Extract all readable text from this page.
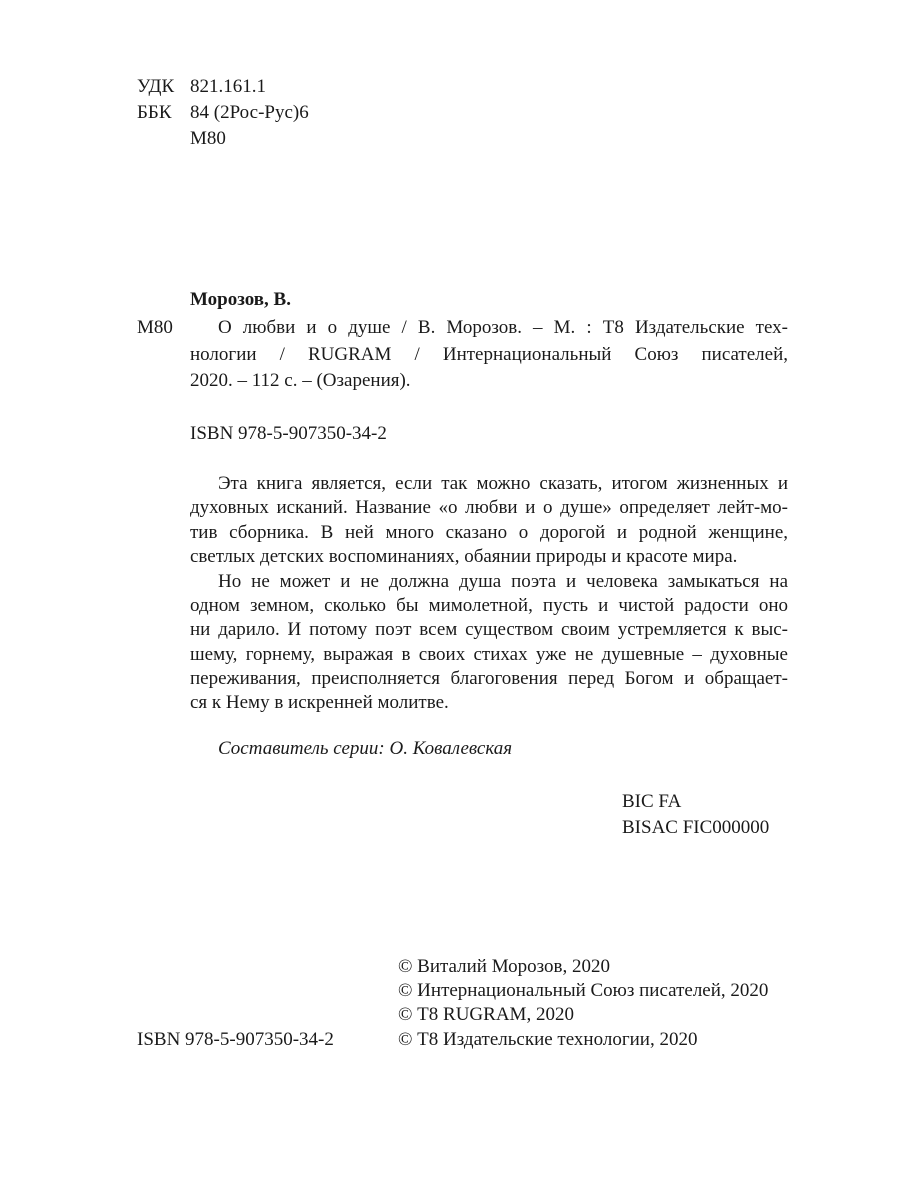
УДК 821.161.1
ББК 84 (2Рос-Рус)6
М80
Морозов, В.
М80 О любви и о душе / В. Морозов. – М. : Т8 Издательские тех-
нологии / RUGRAM / Интернациональный Союз писателей,
2020. – 112 с. – (Озарения).
ISBN 978-5-907350-34-2
Эта книга является, если так можно сказать, итогом жизненных и
духовных исканий. Название «о любви и о душе» определяет лейт-мо-
тив сборника. В ней много сказано о дорогой и родной женщине,
светлых детских воспоминаниях, обаянии природы и красоте мира.
Но не может и не должна душа поэта и человека замыкаться на
одном земном, сколько бы мимолетной, пусть и чистой радости оно
ни дарило. И потому поэт всем существом своим устремляется к выс-
шему, горнему, выражая в своих стихах уже не душевные – духовные
переживания, преисполняется благоговения перед Богом и обращает-
ся к Нему в искренней молитве.
Составитель серии: О. Ковалевская
BIC FA
BISAC FIC000000
ISBN 978-5-907350-34-2
© Виталий Морозов, 2020
© Интернациональный Союз писателей, 2020
© Т8 RUGRAM, 2020
© Т8 Издательские технологии, 2020
